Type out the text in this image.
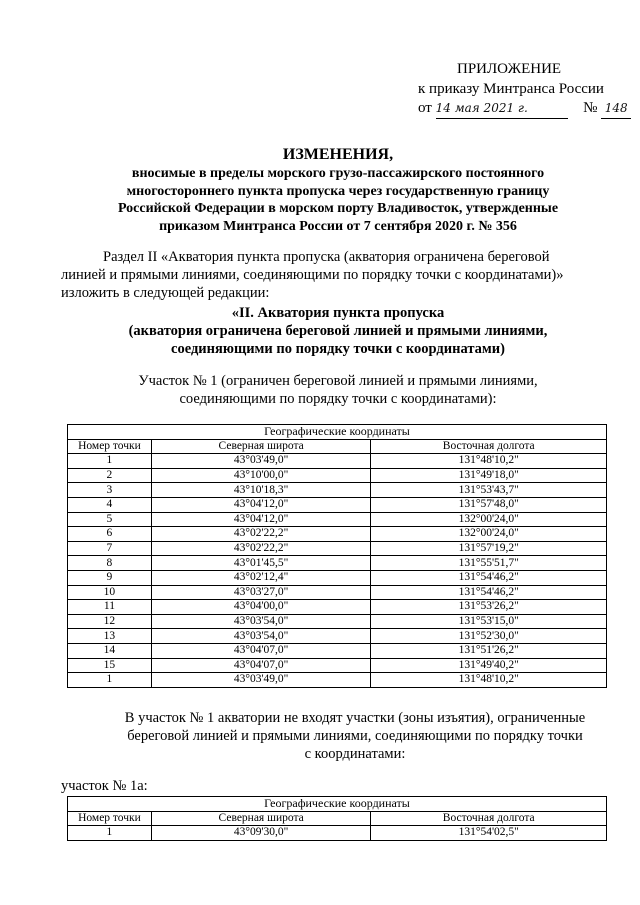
ПРИЛОЖЕНИЕ
к приказу Минтранса России
от 14 мая 2021 г.	№ 148
ИЗМЕНЕНИЯ,
вносимые в пределы морского грузо-пассажирского постоянного
многостороннего пункта пропуска через государственную границу
Российской Федерации в морском порту Владивосток, утвержденные
приказом Минтранса России от 7 сентября 2020 г. № 356
Раздел II «Акватория пункта пропуска (акватория ограничена береговой
линией и прямыми линиями, соединяющими по порядку точки с координатами)»
изложить в следующей редакции:
«II. Акватория пункта пропуска
(акватория ограничена береговой линией и прямыми линиями,
соединяющими по порядку точки с координатами)
Участок № 1 (ограничен береговой линией и прямыми линиями,
соединяющими по порядку точки с координатами):
Географические координаты		
Номер точки	Северная широта	Восточная долгота
1	43°03'49,0"	131°48'10,2"
2	43°10'00,0"	131°49'18,0"
3	43°10'18,3"	131°53'43,7"
4	43°04'12,0"	131°57'48,0"
5	43°04'12,0"	132°00'24,0"
6	43°02'22,2"	132°00'24,0"
7	43°02'22,2"	131°57'19,2"
8	43°01'45,5"	131°55'51,7"
9	43°02'12,4"	131°54'46,2"
10	43°03'27,0"	131°54'46,2"
11	43°04'00,0"	131°53'26,2"
12	43°03'54,0"	131°53'15,0"
13	43°03'54,0"	131°52'30,0"
14	43°04'07,0"	131°51'26,2"
15	43°04'07,0"	131°49'40,2"
1	43°03'49,0"	131°48'10,2"
В участок № 1 акватории не входят участки (зоны изъятия), ограниченные
береговой линией и прямыми линиями, соединяющими по порядку точки
с координатами:
участок № 1а:
Географические координаты		
Номер точки	Северная широта	Восточная долгота
1	43°09'30,0"	131°54'02,5"
